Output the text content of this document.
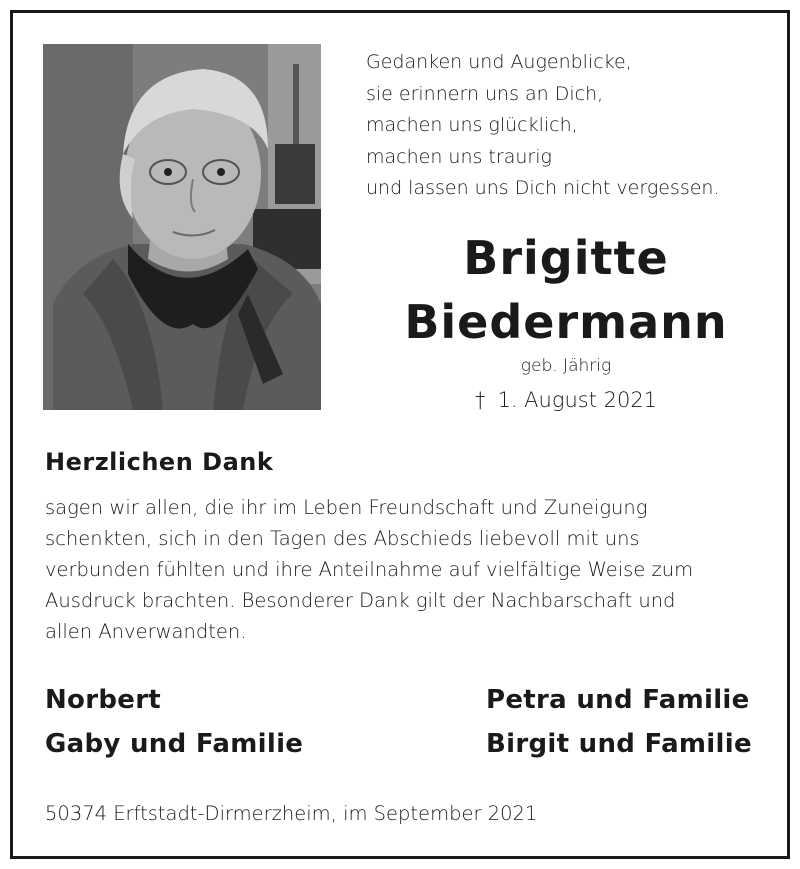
Gedanken und Augenblicke,
sie erinnern uns an Dich,
machen uns glücklich,
machen uns traurig
und lassen uns Dich nicht vergessen.
Brigitte
Biedermann
geb. Jährig
† 1. August 2021
Herzlichen Dank
sagen wir allen, die ihr im Leben Freundschaft und Zuneigung
schenkten, sich in den Tagen des Abschieds liebevoll mit uns
verbunden fühlten und ihre Anteilnahme auf vielfältige Weise zum
Ausdruck brachten. Besonderer Dank gilt der Nachbarschaft und
allen Anverwandten.
Norbert
Gaby und Familie
Petra und Familie
Birgit und Familie
50374 Erftstadt-Dirmerzheim, im September 2021
